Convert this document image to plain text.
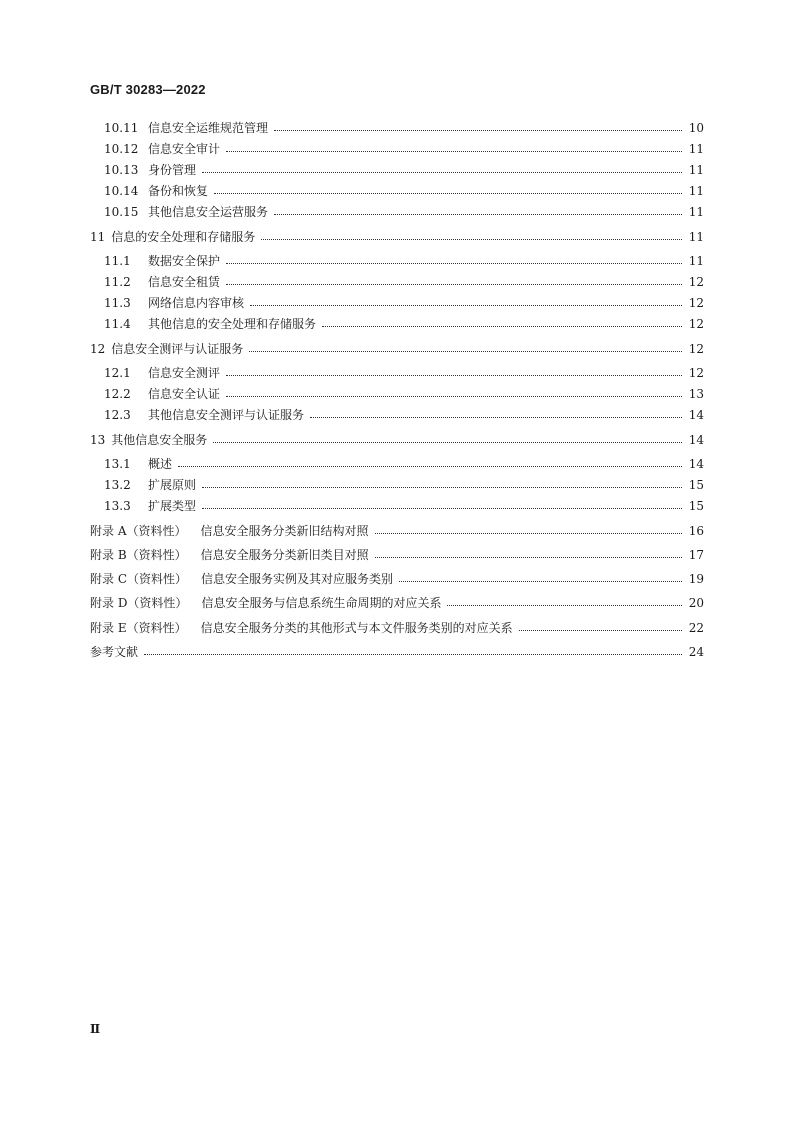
GB/T 30283—2022
10.11 信息安全运维规范管理	10
10.12 信息安全审计	11
10.13 身份管理	11
10.14 备份和恢复	11
10.15 其他信息安全运营服务	11
11 信息的安全处理和存储服务	11
11.1	数据安全保护	11
11.2	信息安全租赁	12
11.3	网络信息内容审核	12
11.4	其他信息的安全处理和存储服务	12
12 信息安全测评与认证服务	12
12.1	信息安全测评	12
12.2	信息安全认证	13
12.3	其他信息安全测评与认证服务	14
13 其他信息安全服务	14
13.1	概述	14
13.2	扩展原则	15
13.3	扩展类型	15
附录 A（资料性） 信息安全服务分类新旧结构对照	16
附录 B（资料性） 信息安全服务分类新旧类目对照	17
附录 C（资料性） 信息安全服务实例及其对应服务类别	19
附录 D（资料性） 信息安全服务与信息系统生命周期的对应关系	20
附录 E（资料性） 信息安全服务分类的其他形式与本文件服务类别的对应关系	22
参考文献	24
Ⅱ
